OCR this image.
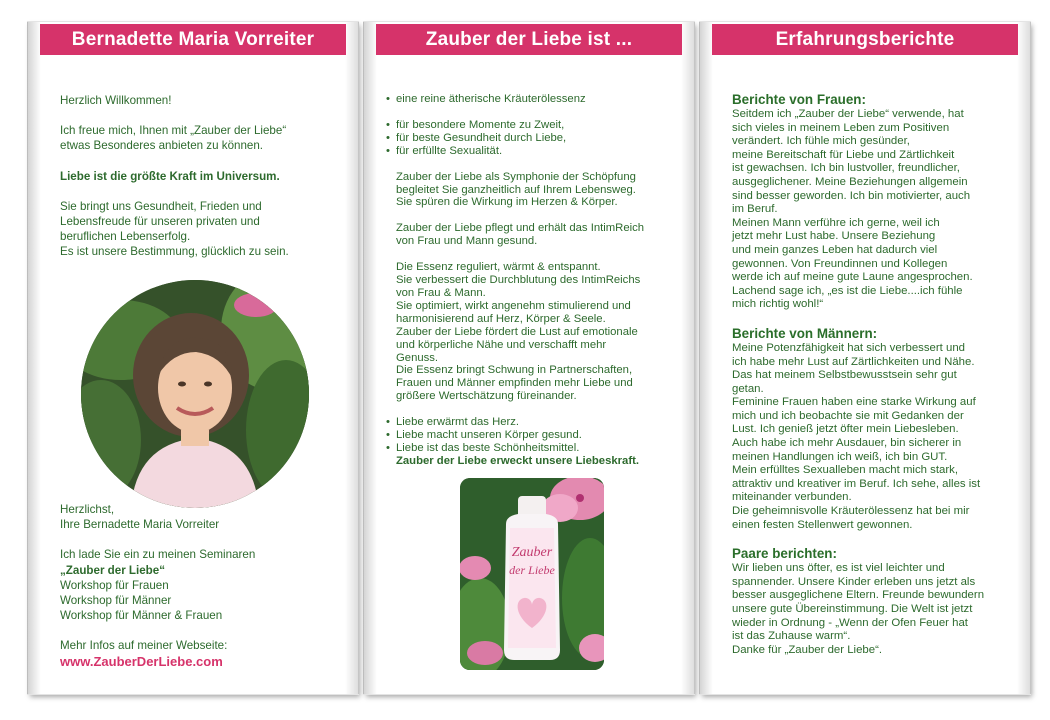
Bernadette Maria Vorreiter

Herzlich Willkommen!

Ich freue mich, Ihnen mit „Zauber der Liebe“

etwas Besonderes anbieten zu können.

Liebe ist die größte Kraft im Universum.

Sie bringt uns Gesundheit, Frieden und

Lebensfreude für unseren privaten und

beruflichen Lebenserfolg.

Es ist unsere Bestimmung, glücklich zu sein.

Herzlichst,

Ihre Bernadette Maria Vorreiter

Ich lade Sie ein zu meinen Seminaren

„Zauber der Liebe“

Workshop für Frauen

Workshop für Männer

Workshop für Männer & Frauen

Mehr Infos auf meiner Webseite:

www.ZauberDerLiebe.com

Zauber der Liebe ist ...
• eine reine ätherische Kräuterölessenz
• für besondere Momente zu Zweit,
• für beste Gesundheit durch Liebe,
• für erfüllte Sexualität.

Zauber der Liebe als Symphonie der Schöpfung

begleitet Sie ganzheitlich auf Ihrem Lebensweg.

Sie spüren die Wirkung im Herzen & Körper.

Zauber der Liebe pflegt und erhält das IntimReich

von Frau und Mann gesund.

Die Essenz reguliert, wärmt & entspannt.

Sie verbessert die Durchblutung des IntimReichs

von Frau & Mann.

Sie optimiert, wirkt angenehm stimulierend und

harmonisierend auf Herz, Körper & Seele.

Zauber der Liebe fördert die Lust auf emotionale

und körperliche Nähe und verschafft mehr

Genuss.

Die Essenz bringt Schwung in Partnerschaften,

Frauen und Männer empfinden mehr Liebe und

größere Wertschätzung füreinander.

• Liebe erwärmt das Herz.
• Liebe macht unseren Körper gesund.
• Liebe ist das beste Schönheitsmittel.

Zauber der Liebe erweckt unsere Liebeskraft.

Zauber
der Liebe
Erfahrungsberichte

Berichte von Frauen:

Seitdem ich „Zauber der Liebe“ verwende, hat

sich vieles in meinem Leben zum Positiven

verändert. Ich fühle mich gesünder,

meine Bereitschaft für Liebe und Zärtlichkeit

ist gewachsen. Ich bin lustvoller, freundlicher,

ausgeglichener. Meine Beziehungen allgemein

sind besser geworden. Ich bin motivierter, auch

im Beruf.

Meinen Mann verführe ich gerne, weil ich

jetzt mehr Lust habe. Unsere Beziehung

und mein ganzes Leben hat dadurch viel

gewonnen. Von Freundinnen und Kollegen

werde ich auf meine gute Laune angesprochen.

Lachend sage ich, „es ist die Liebe....ich fühle

mich richtig wohl!“

Berichte von Männern:

Meine Potenzfähigkeit hat sich verbessert und

ich habe mehr Lust auf Zärtlichkeiten und Nähe.

Das hat meinem Selbstbewusstsein sehr gut

getan.

Feminine Frauen haben eine starke Wirkung auf

mich und ich beobachte sie mit Gedanken der

Lust. Ich genieß jetzt öfter mein Liebesleben.

Auch habe ich mehr Ausdauer, bin sicherer in

meinen Handlungen ich weiß, ich bin GUT.

Mein erfülltes Sexualleben macht mich stark,

attraktiv und kreativer im Beruf. Ich sehe, alles ist

miteinander verbunden.

Die geheimnisvolle Kräuterölessenz hat bei mir

einen festen Stellenwert gewonnen.

Paare berichten:

Wir lieben uns öfter, es ist viel leichter und

spannender. Unsere Kinder erleben uns jetzt als

besser ausgeglichene Eltern. Freunde bewundern

unsere gute Übereinstimmung. Die Welt ist jetzt

wieder in Ordnung - „Wenn der Ofen Feuer hat

ist das Zuhause warm“.

Danke für „Zauber der Liebe“.
